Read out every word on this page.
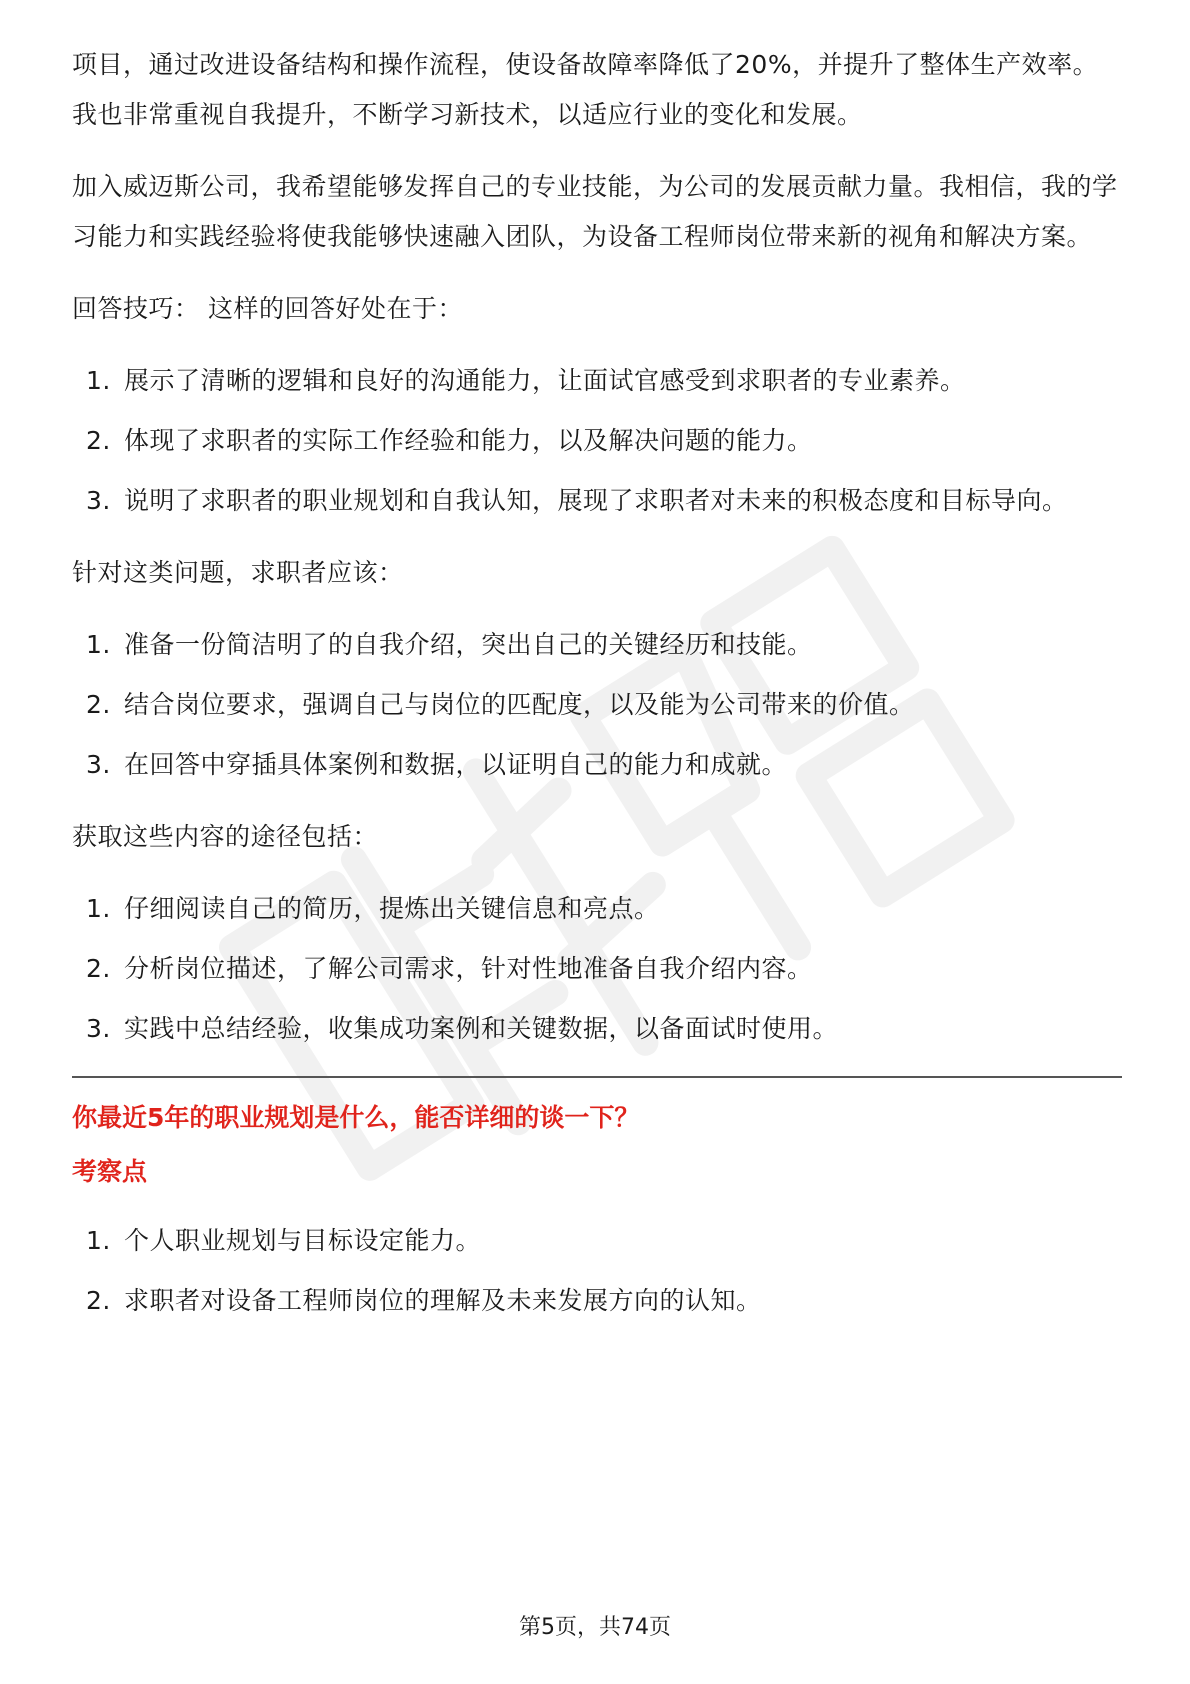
项目，通过改进设备结构和操作流程，使设备故障率降低了20%，并提升了整体生产效率。我也非常重视自我提升，不断学习新技术，以适应行业的变化和发展。

加入威迈斯公司，我希望能够发挥自己的专业技能，为公司的发展贡献力量。我相信，我的学习能力和实践经验将使我能够快速融入团队，为设备工程师岗位带来新的视角和解决方案。

回答技巧： 这样的回答好处在于：

1. 展示了清晰的逻辑和良好的沟通能力，让面试官感受到求职者的专业素养。
2. 体现了求职者的实际工作经验和能力，以及解决问题的能力。
3. 说明了求职者的职业规划和自我认知，展现了求职者对未来的积极态度和目标导向。

针对这类问题，求职者应该：

1. 准备一份简洁明了的自我介绍，突出自己的关键经历和技能。
2. 结合岗位要求，强调自己与岗位的匹配度，以及能为公司带来的价值。
3. 在回答中穿插具体案例和数据，以证明自己的能力和成就。

获取这些内容的途径包括：

1. 仔细阅读自己的简历，提炼出关键信息和亮点。
2. 分析岗位描述，了解公司需求，针对性地准备自我介绍内容。
3. 实践中总结经验，收集成功案例和关键数据，以备面试时使用。

你最近5年的职业规划是什么，能否详细的谈一下？

考察点

1. 个人职业规划与目标设定能力。
2. 求职者对设备工程师岗位的理解及未来发展方向的认知。
第5页，共74页
